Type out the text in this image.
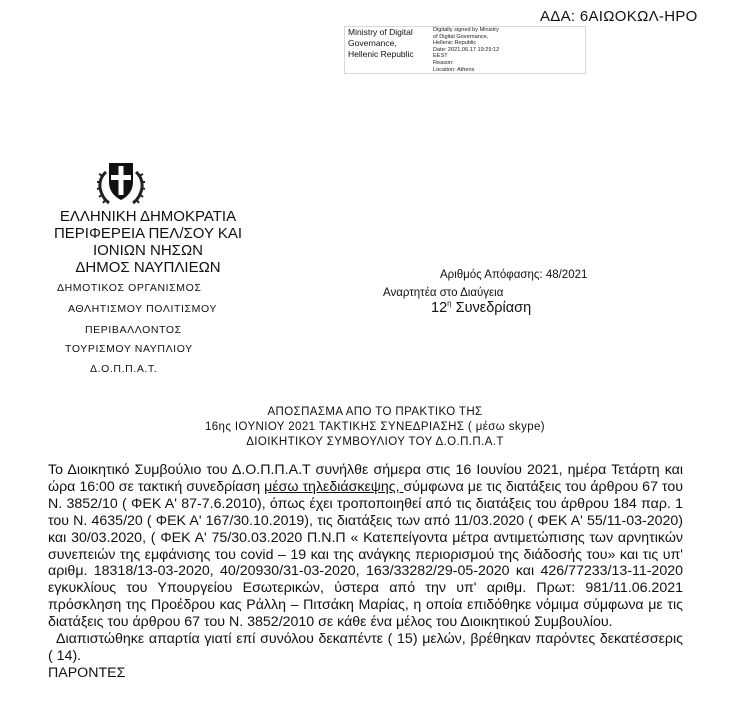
ΑΔΑ: 6ΑΙΩΟΚΩΛ-ΗΡΟ
Ministry of Digital
Governance,
Hellenic Republic
Digitally signed by Ministry
of Digital Governance,
Hellenic Republic
Date: 2021.06.17 19:29:12
EEST
Reason:
Location: Athens
ΕΛΛΗΝΙΚΗ ΔΗΜΟΚΡΑΤΙΑ
ΠΕΡΙΦΕΡΕΙΑ ΠΕΛ/ΣΟΥ ΚΑΙ
ΙΟΝΙΩΝ ΝΗΣΩΝ
ΔΗΜΟΣ ΝΑΥΠΛΙΕΩΝ
ΔΗΜΟΤΙΚΟΣ ΟΡΓΑΝΙΣΜΟΣ
ΑΘΛΗΤΙΣΜΟΥ ΠΟΛΙΤΙΣΜΟΥ
ΠΕΡΙΒΑΛΛΟΝΤΟΣ
ΤΟΥΡΙΣΜΟΥ ΝΑΥΠΛΙΟΥ
Δ.Ο.Π.Π.Α.Τ.
Αριθμός Απόφασης: 48/2021
Αναρτητέα στο Διαύγεια
$12^\eta$ Συνεδρίαση
ΑΠΟΣΠΑΣΜΑ ΑΠΟ ΤΟ ΠΡΑΚΤΙΚΟ ΤΗΣ
16ης ΙΟΥΝΙΟΥ 2021 ΤΑΚΤΙΚΗΣ ΣΥΝΕΔΡΙΑΣΗΣ ( μέσω skype)
ΔΙΟΙΚΗΤΙΚΟΥ ΣΥΜΒΟΥΛΙΟΥ ΤΟΥ Δ.Ο.Π.Π.Α.Τ

Το Διοικητικό Συμβούλιο του Δ.Ο.Π.Π.Α.Τ συνήλθε σήμερα στις 16 Ιουνίου 2021, ημέρα Τετάρτη και ώρα 16:00 σε τακτική συνεδρίαση μέσω τηλεδιάσκεψης, σύμφωνα με τις διατάξεις του άρθρου 67 του Ν. 3852/10 ( ΦΕΚ Α' 87-7.6.2010), όπως έχει τροποποιηθεί από τις διατάξεις του άρθρου 184 παρ. 1 του Ν. 4635/20 ( ΦΕΚ Α' 167/30.10.2019), τις διατάξεις των από 11/03.2020 ( ΦΕΚ Α' 55/11-03-2020) και 30/03.2020, ( ΦΕΚ Α' 75/30.03.2020 Π.Ν.Π « Κατεπείγοντα μέτρα αντιμετώπισης των αρνητικών συνεπειών της εμφάνισης του covid – 19 και της ανάγκης περιορισμού της διάδοσής του» και τις υπ' αριθμ. 18318/13-03-2020, 40/20930/31-03-2020, 163/33282/29-05-2020 και 426/77233/13-11-2020 εγκυκλίους του Υπουργείου Εσωτερικών, ύστερα από την υπ' αριθμ. Πρωτ: 981/11.06.2021 πρόσκληση της Προέδρου κας Ράλλη – Πιτσάκη Μαρίας, η οποία επιδόθηκε νόμιμα σύμφωνα με τις διατάξεις του άρθρου 67 του Ν. 3852/2010 σε κάθε ένα μέλος του Διοικητικού Συμβουλίου.

Διαπιστώθηκε απαρτία γιατί επί συνόλου δεκαπέντε ( 15) μελών, βρέθηκαν παρόντες δεκατέσσερις ( 14).

ΠΑΡΟΝΤΕΣ
